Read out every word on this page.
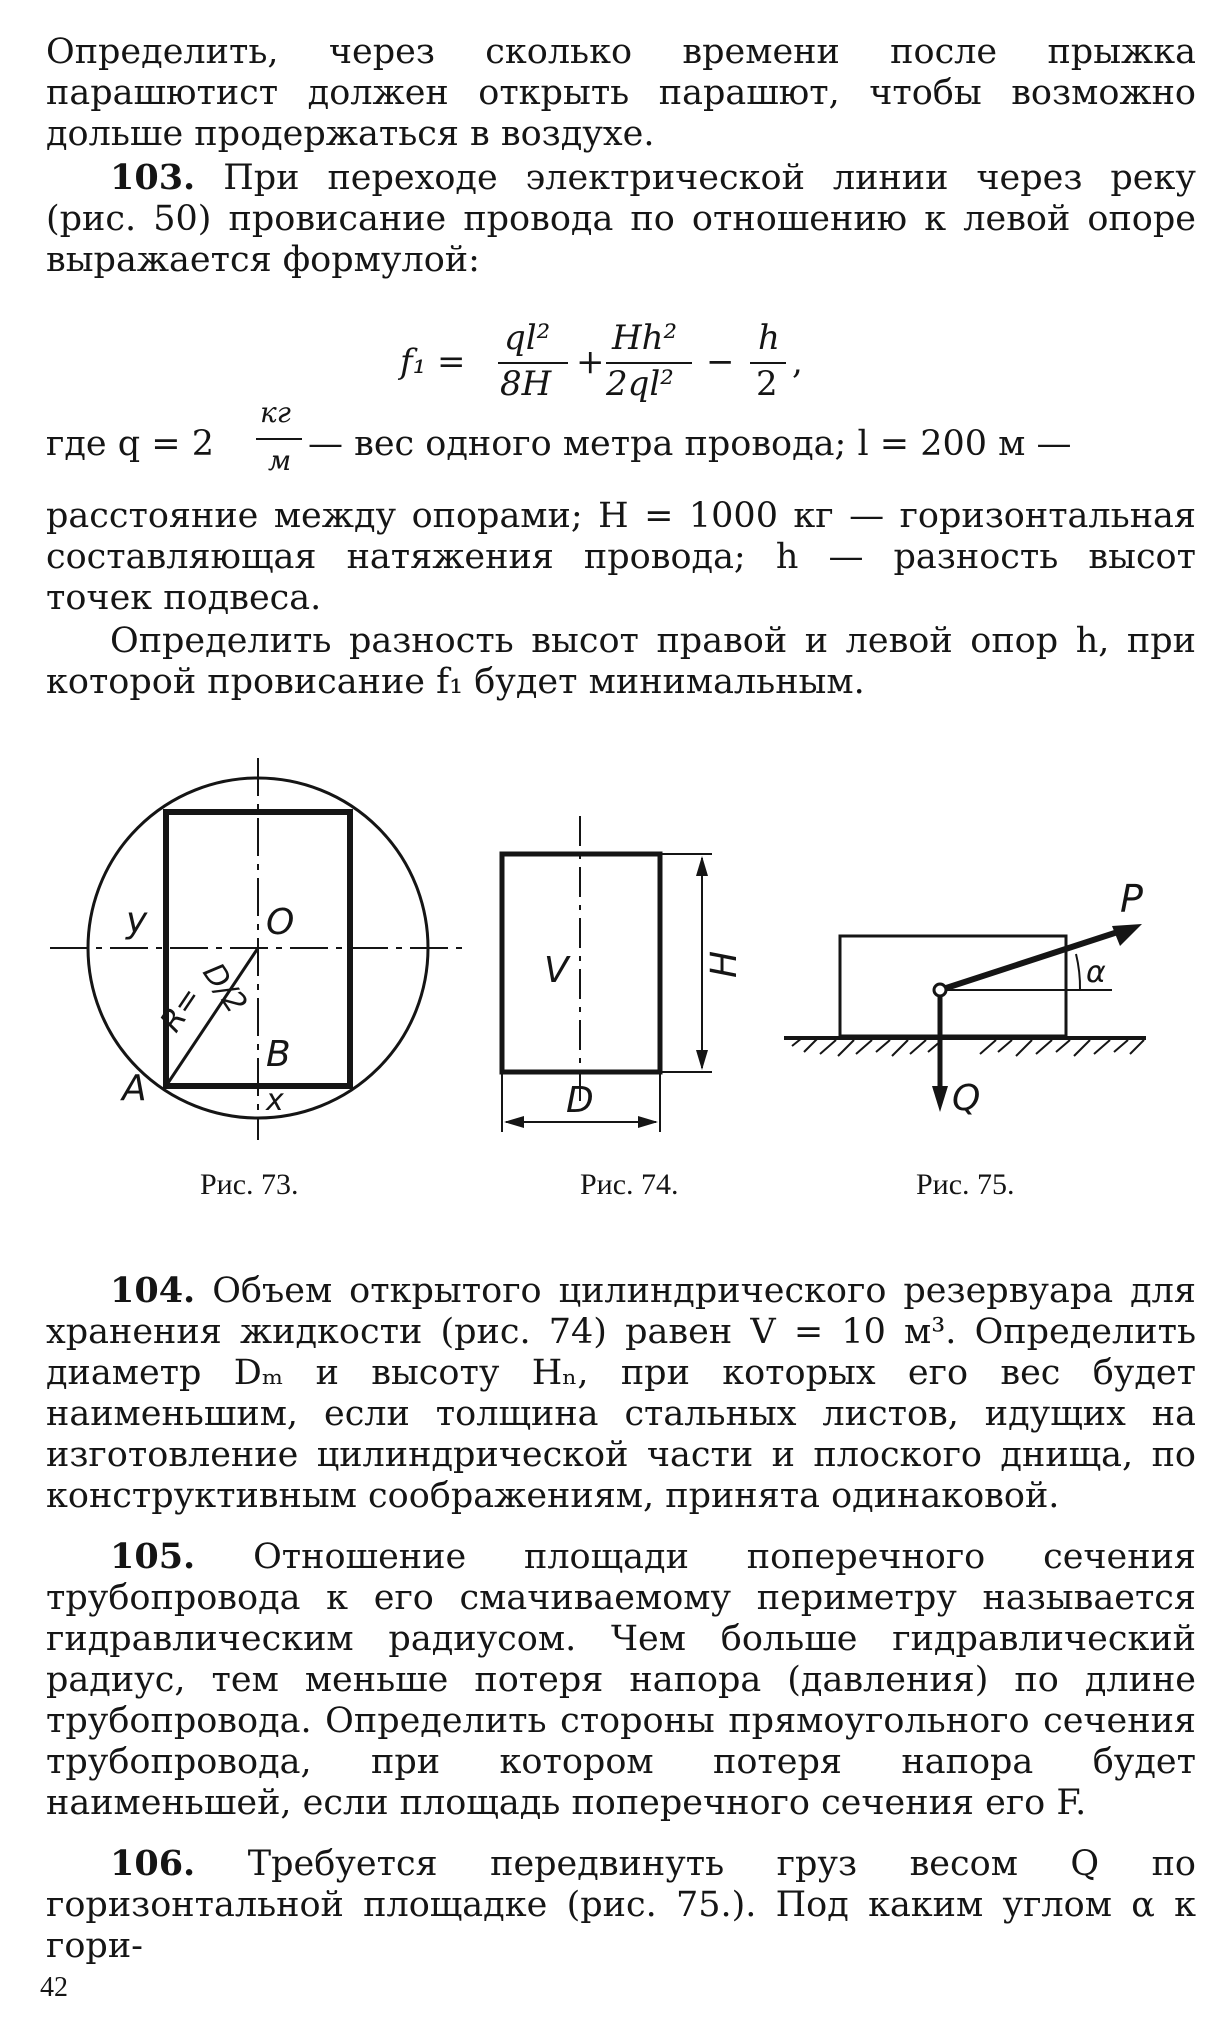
Определить, через сколько времени после прыжка парашютист должен открыть парашют, чтобы возможно дольше продержаться в воздухе.

103. При переходе электрической линии через реку (рис. 50) провисание провода по отношению к левой опоре выражается формулой:

f₁ =
ql²
8H
+
Hh²
2ql²
−
h
2
,
где q = 2
кг
м — вес одного метра провода; l = 200 м —

расстояние между опорами; H = 1000 кг — горизонтальная составляющая натяжения провода; h — разность высот точек подвеса.

Определить разность высот правой и левой опор h, при которой провисание f₁ будет минимальным.

y	O
D/2
R=
B
A	x
V	H
D
P
α
Q
Рис. 73.	Рис. 74.	Рис. 75.

104. Объем открытого цилиндрического резервуара для хранения жидкости (рис. 74) равен V = 10 м³. Определить диаметр Dₘ и высоту Hₙ, при которых его вес будет наименьшим, если толщина стальных листов, идущих на изготовление цилиндрической части и плоского днища, по конструктивным соображениям, принята одинаковой.

105. Отношение площади поперечного сечения трубопровода к его смачиваемому периметру называется гидравлическим радиусом. Чем больше гидравлический радиус, тем меньше потеря напора (давления) по длине трубопровода. Определить стороны прямоугольного сечения трубопровода, при котором потеря напора будет наименьшей, если площадь поперечного сечения его F.

106. Требуется передвинуть груз весом Q по горизонтальной площадке (рис. 75.). Под каким углом α к гори-

42
